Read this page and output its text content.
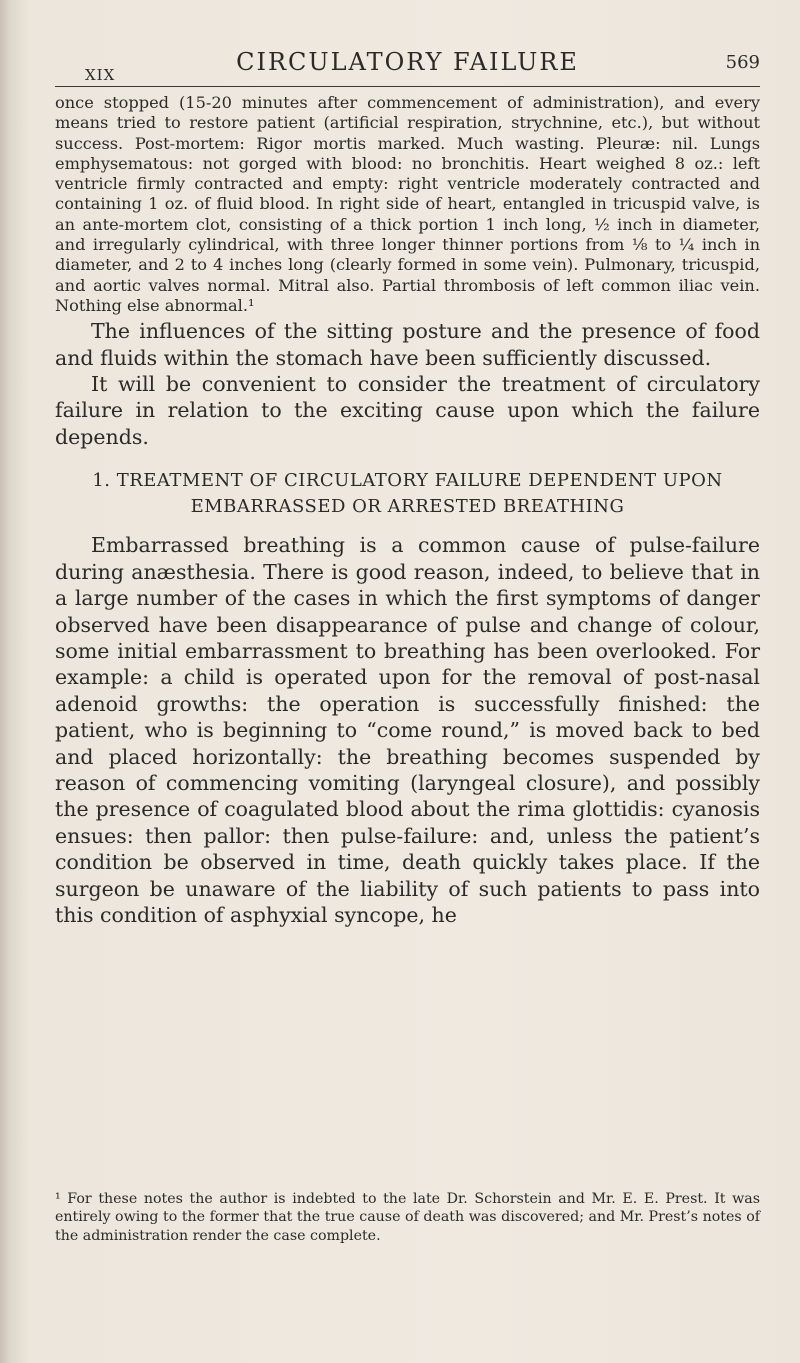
XIX	CIRCULATORY FAILURE	569

once stopped (15-20 minutes after commencement of administration), and every means tried to restore patient (artificial respiration, strychnine, etc.), but without success. Post-mortem: Rigor mortis marked. Much wasting. Pleuræ: nil. Lungs emphysematous: not gorged with blood: no bronchitis. Heart weighed 8 oz.: left ventricle firmly contracted and empty: right ventricle moderately contracted and containing 1 oz. of fluid blood. In right side of heart, entangled in tricuspid valve, is an ante-mortem clot, consisting of a thick portion 1 inch long, ½ inch in diameter, and irregularly cylindrical, with three longer thinner portions from ⅛ to ¼ inch in diameter, and 2 to 4 inches long (clearly formed in some vein). Pulmonary, tricuspid, and aortic valves normal. Mitral also. Partial thrombosis of left common iliac vein. Nothing else abnormal.¹

The influences of the sitting posture and the presence of food and fluids within the stomach have been sufficiently discussed.

It will be convenient to consider the treatment of circulatory failure in relation to the exciting cause upon which the failure depends.

1. TREATMENT OF CIRCULATORY FAILURE DEPENDENT UPON EMBARRASSED OR ARRESTED BREATHING

Embarrassed breathing is a common cause of pulse-failure during anæsthesia. There is good reason, indeed, to believe that in a large number of the cases in which the first symptoms of danger observed have been disappearance of pulse and change of colour, some initial embarrassment to breathing has been overlooked. For example: a child is operated upon for the removal of post-nasal adenoid growths: the operation is successfully finished: the patient, who is beginning to “come round,” is moved back to bed and placed horizontally: the breathing becomes suspended by reason of commencing vomiting (laryngeal closure), and possibly the presence of coagulated blood about the rima glottidis: cyanosis ensues: then pallor: then pulse-failure: and, unless the patient’s condition be observed in time, death quickly takes place. If the surgeon be unaware of the liability of such patients to pass into this condition of asphyxial syncope, he

¹ For these notes the author is indebted to the late Dr. Schorstein and Mr. E. E. Prest. It was entirely owing to the former that the true cause of death was discovered; and Mr. Prest’s notes of the administration render the case complete.
